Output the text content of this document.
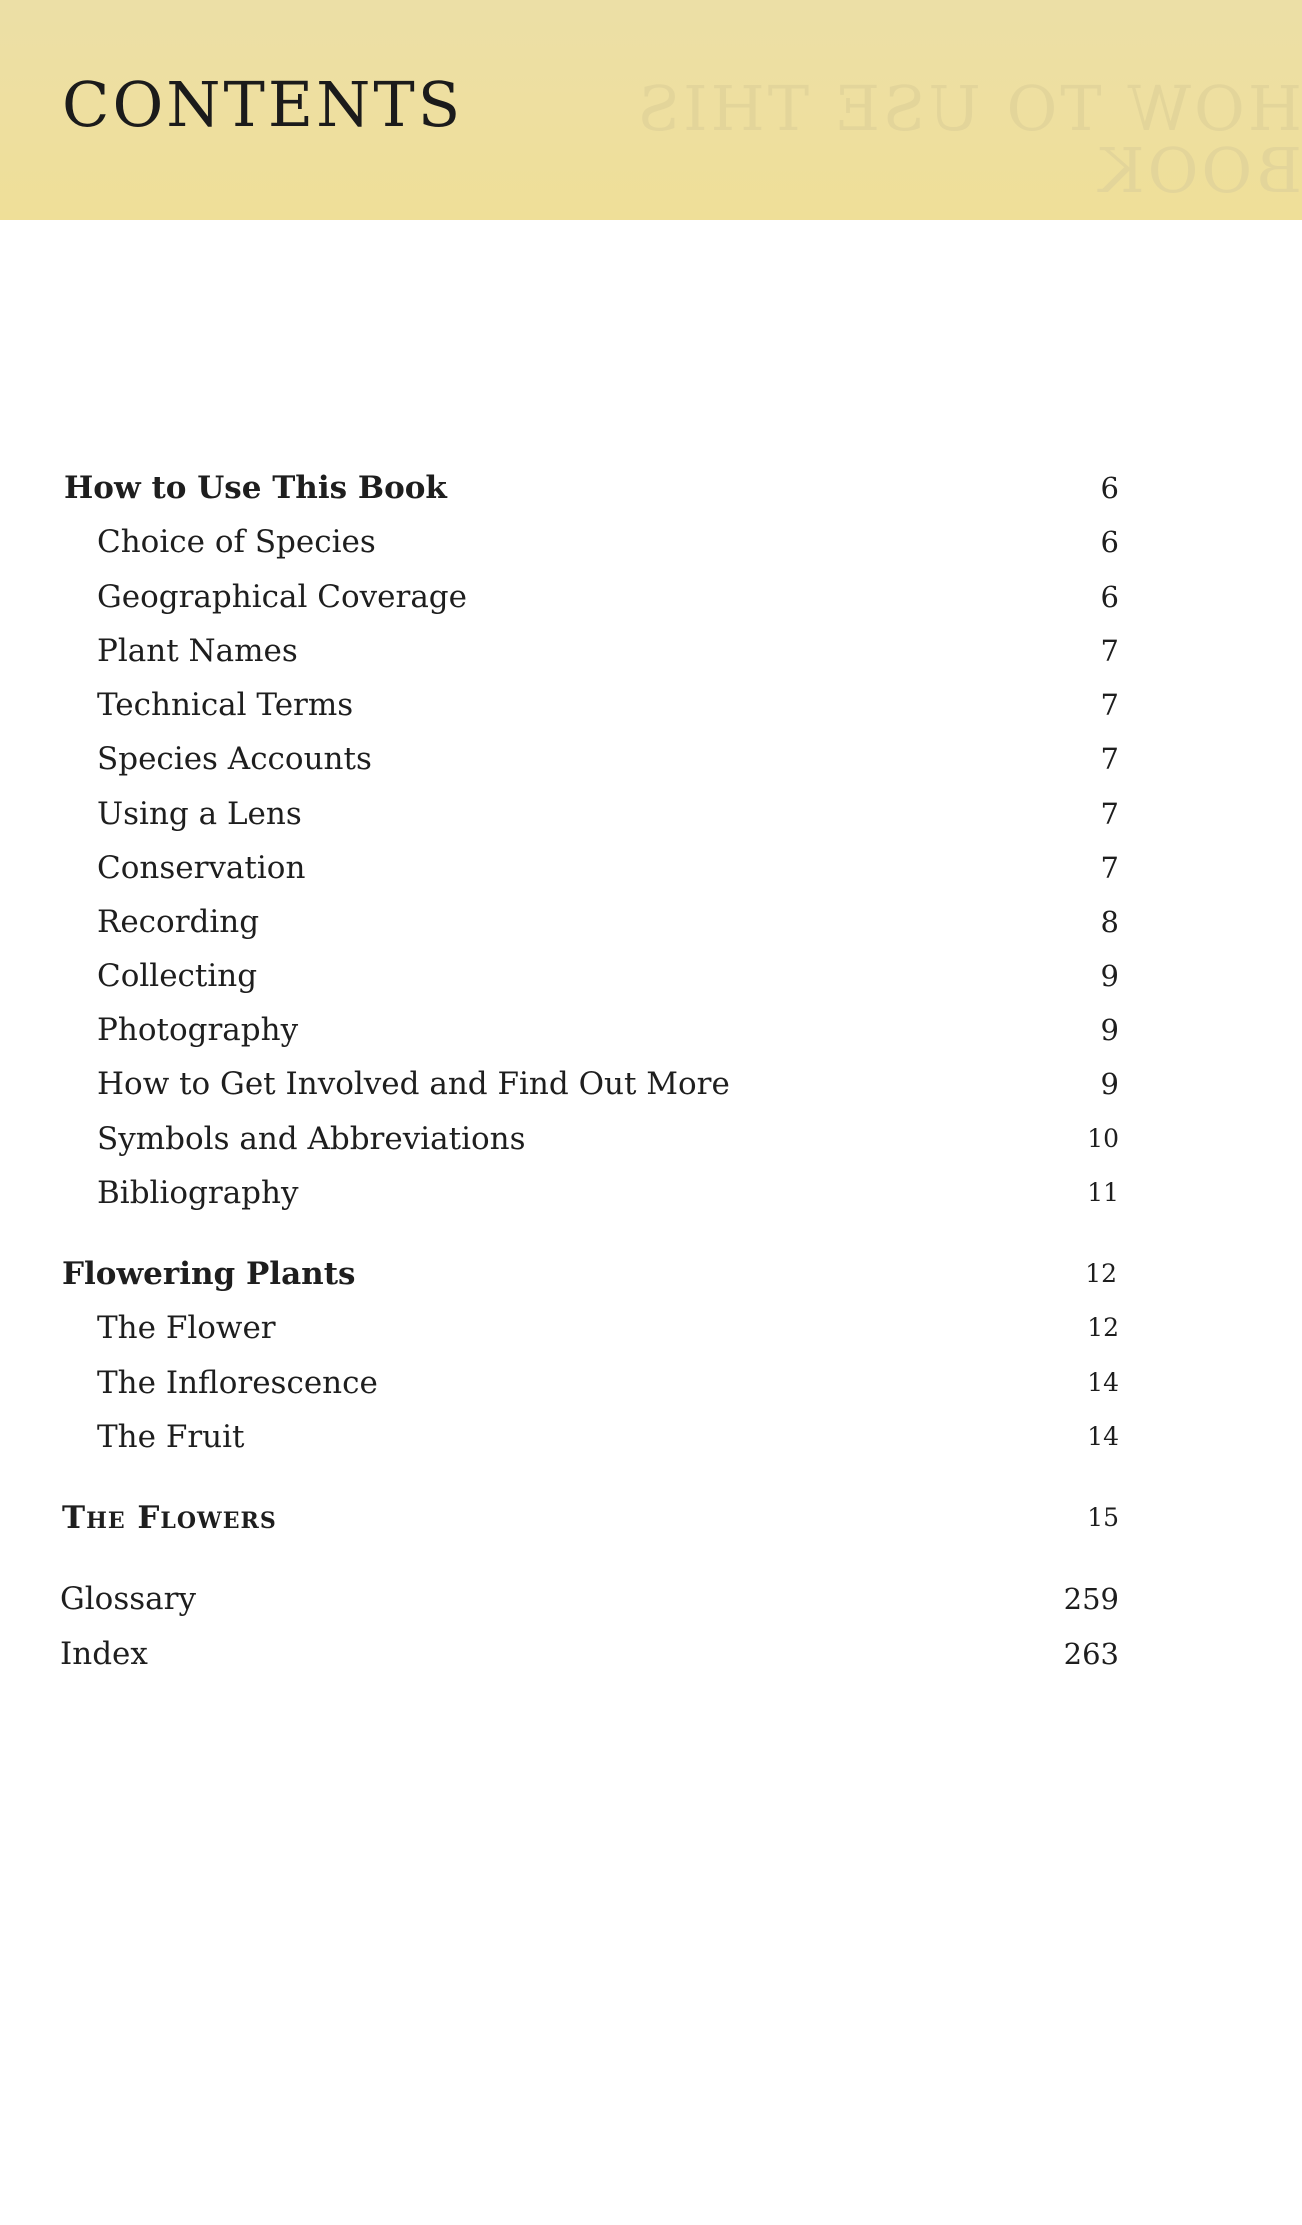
HOW TO USE THIS BOOK
CONTENTS
How to Use This Book	6
Choice of Species	6
Geographical Coverage	6
Plant Names	7
Technical Terms	7
Species Accounts	7
Using a Lens	7
Conservation	7
Recording	8
Collecting	9
Photography	9
How to Get Involved and Find Out More	9
Symbols and Abbreviations	10
Bibliography	11
Flowering Plants	12
The Flower	12
The Inflorescence	14
The Fruit	14
The Flowers	15
Glossary	259
Index	263
